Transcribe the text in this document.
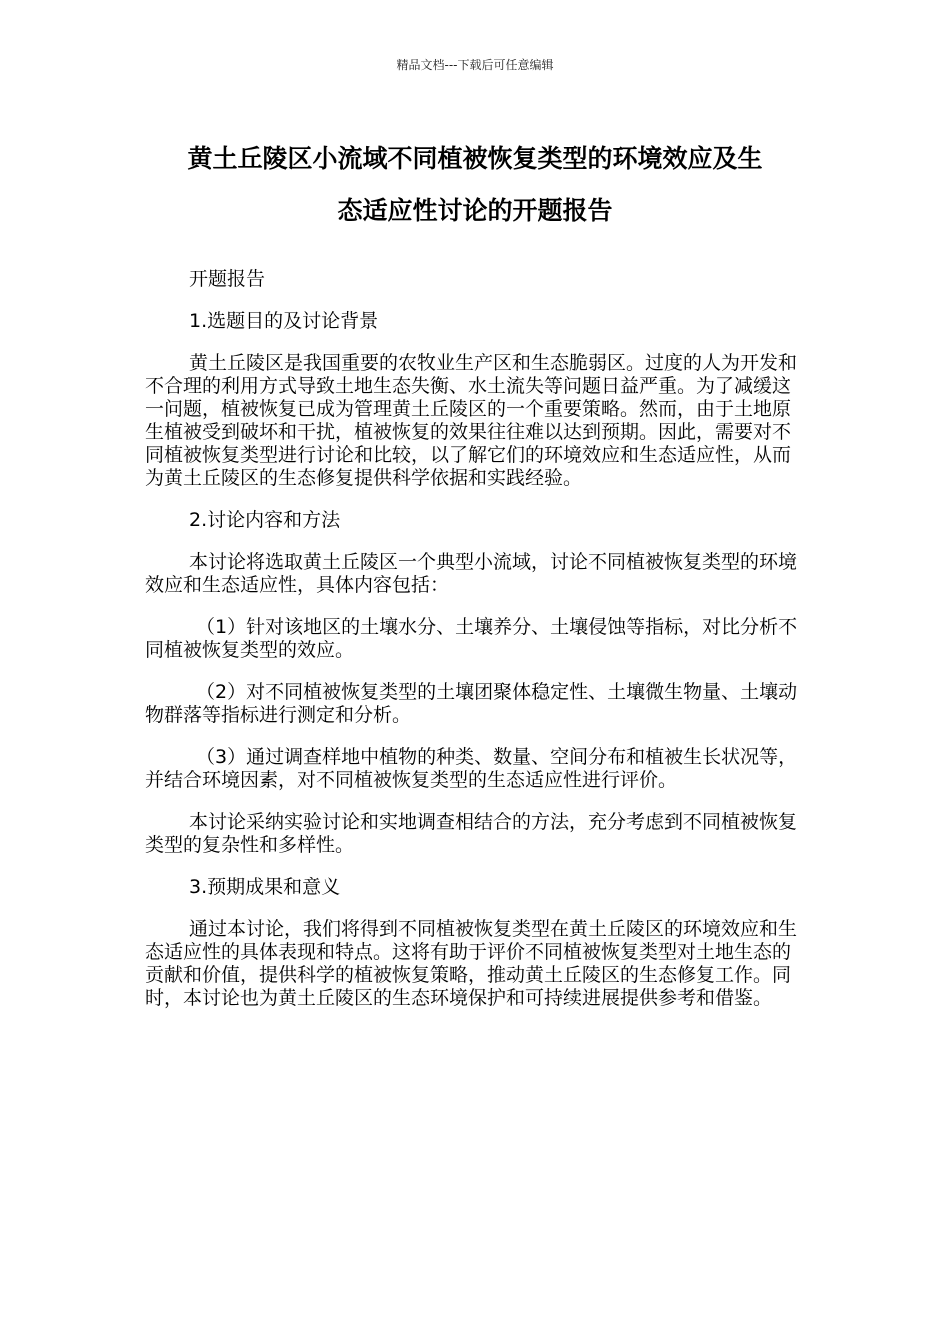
精品文档---下载后可任意编辑
黄土丘陵区小流域不同植被恢复类型的环境效应及生
态适应性讨论的开题报告

开题报告

1.选题目的及讨论背景

黄土丘陵区是我国重要的农牧业生产区和生态脆弱区。过度的人为开发和不合理的利用方式导致土地生态失衡、水土流失等问题日益严重。为了减缓这一问题，植被恢复已成为管理黄土丘陵区的一个重要策略。然而，由于土地原生植被受到破坏和干扰，植被恢复的效果往往难以达到预期。因此，需要对不同植被恢复类型进行讨论和比较，以了解它们的环境效应和生态适应性，从而为黄土丘陵区的生态修复提供科学依据和实践经验。

2.讨论内容和方法

本讨论将选取黄土丘陵区一个典型小流域，讨论不同植被恢复类型的环境效应和生态适应性，具体内容包括：

（1）针对该地区的土壤水分、土壤养分、土壤侵蚀等指标，对比分析不同植被恢复类型的效应。

（2）对不同植被恢复类型的土壤团聚体稳定性、土壤微生物量、土壤动物群落等指标进行测定和分析。

（3）通过调查样地中植物的种类、数量、空间分布和植被生长状况等，并结合环境因素，对不同植被恢复类型的生态适应性进行评价。

本讨论采纳实验讨论和实地调查相结合的方法，充分考虑到不同植被恢复类型的复杂性和多样性。

3.预期成果和意义

通过本讨论，我们将得到不同植被恢复类型在黄土丘陵区的环境效应和生态适应性的具体表现和特点。这将有助于评价不同植被恢复类型对土地生态的贡献和价值，提供科学的植被恢复策略，推动黄土丘陵区的生态修复工作。同时，本讨论也为黄土丘陵区的生态环境保护和可持续进展提供参考和借鉴。
